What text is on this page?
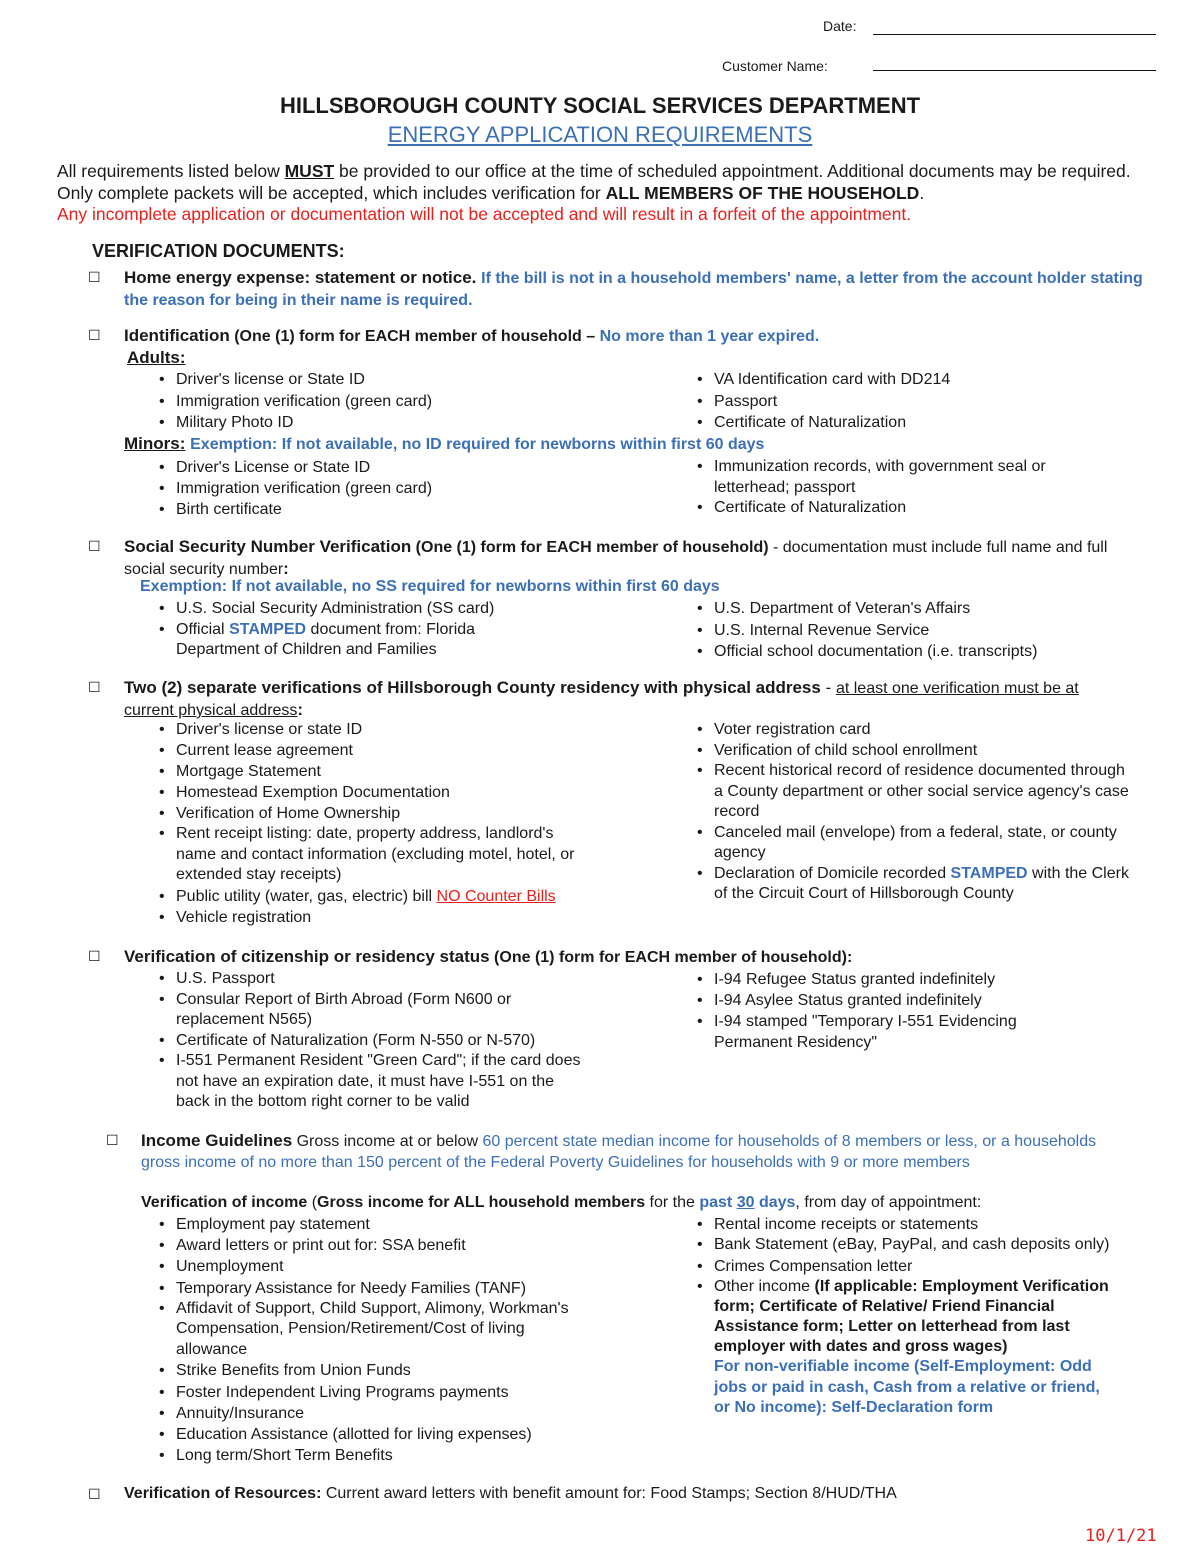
Date:
Customer Name:
HILLSBOROUGH COUNTY SOCIAL SERVICES DEPARTMENT
ENERGY APPLICATION REQUIREMENTS
All requirements listed below MUST be provided to our office at the time of scheduled appointment. Additional documents may be required. Only complete packets will be accepted, which includes verification for ALL MEMBERS OF THE HOUSEHOLD.
Any incomplete application or documentation will not be accepted and will result in a forfeit of the appointment.
VERIFICATION DOCUMENTS:
☐ Home energy expense: statement or notice. If the bill is not in a household members' name, a letter from the account holder stating the reason for being in their name is required.
☐ Identification (One (1) form for EACH member of household – No more than 1 year expired.
Adults:
• Driver's license or State ID
• Immigration verification (green card)
• Military Photo ID
• VA Identification card with DD214
• Passport
• Certificate of Naturalization
Minors: Exemption: If not available, no ID required for newborns within first 60 days
• Driver's License or State ID
• Immigration verification (green card)
• Birth certificate
• Immunization records, with government seal or letterhead; passport
• Certificate of Naturalization
☐ Social Security Number Verification (One (1) form for EACH member of household) - documentation must include full name and full social security number:
Exemption: If not available, no SS required for newborns within first 60 days
• U.S. Social Security Administration (SS card)
• Official STAMPED document from: Florida Department of Children and Families
• U.S. Department of Veteran's Affairs
• U.S. Internal Revenue Service
• Official school documentation (i.e. transcripts)
☐ Two (2) separate verifications of Hillsborough County residency with physical address - at least one verification must be at current physical address:
• Driver's license or state ID
• Current lease agreement
• Mortgage Statement
• Homestead Exemption Documentation
• Verification of Home Ownership
• Rent receipt listing: date, property address, landlord's name and contact information (excluding motel, hotel, or extended stay receipts)
• Public utility (water, gas, electric) bill NO Counter Bills
• Vehicle registration
• Voter registration card
• Verification of child school enrollment
• Recent historical record of residence documented through a County department or other social service agency's case record
• Canceled mail (envelope) from a federal, state, or county agency
• Declaration of Domicile recorded STAMPED with the Clerk of the Circuit Court of Hillsborough County
☐ Verification of citizenship or residency status (One (1) form for EACH member of household):
• U.S. Passport
• Consular Report of Birth Abroad (Form N600 or replacement N565)
• Certificate of Naturalization (Form N-550 or N-570)
• I-551 Permanent Resident "Green Card"; if the card does not have an expiration date, it must have I-551 on the back in the bottom right corner to be valid
• I-94 Refugee Status granted indefinitely
• I-94 Asylee Status granted indefinitely
• I-94 stamped "Temporary I-551 Evidencing Permanent Residency"
☐ Income Guidelines Gross income at or below 60 percent state median income for households of 8 members or less, or a households gross income of no more than 150 percent of the Federal Poverty Guidelines for households with 9 or more members
Verification of income (Gross income for ALL household members for the past 30 days, from day of appointment:
• Employment pay statement
• Award letters or print out for: SSA benefit
• Unemployment
• Temporary Assistance for Needy Families (TANF)
• Affidavit of Support, Child Support, Alimony, Workman's Compensation, Pension/Retirement/Cost of living allowance
• Strike Benefits from Union Funds
• Foster Independent Living Programs payments
• Annuity/Insurance
• Education Assistance (allotted for living expenses)
• Long term/Short Term Benefits
• Rental income receipts or statements
• Bank Statement (eBay, PayPal, and cash deposits only)
• Crimes Compensation letter
• Other income (If applicable: Employment Verification form; Certificate of Relative/ Friend Financial Assistance form; Letter on letterhead from last employer with dates and gross wages)
For non-verifiable income (Self-Employment: Odd jobs or paid in cash, Cash from a relative or friend, or No income): Self-Declaration form
☐ Verification of Resources: Current award letters with benefit amount for: Food Stamps; Section 8/HUD/THA
10/1/21
